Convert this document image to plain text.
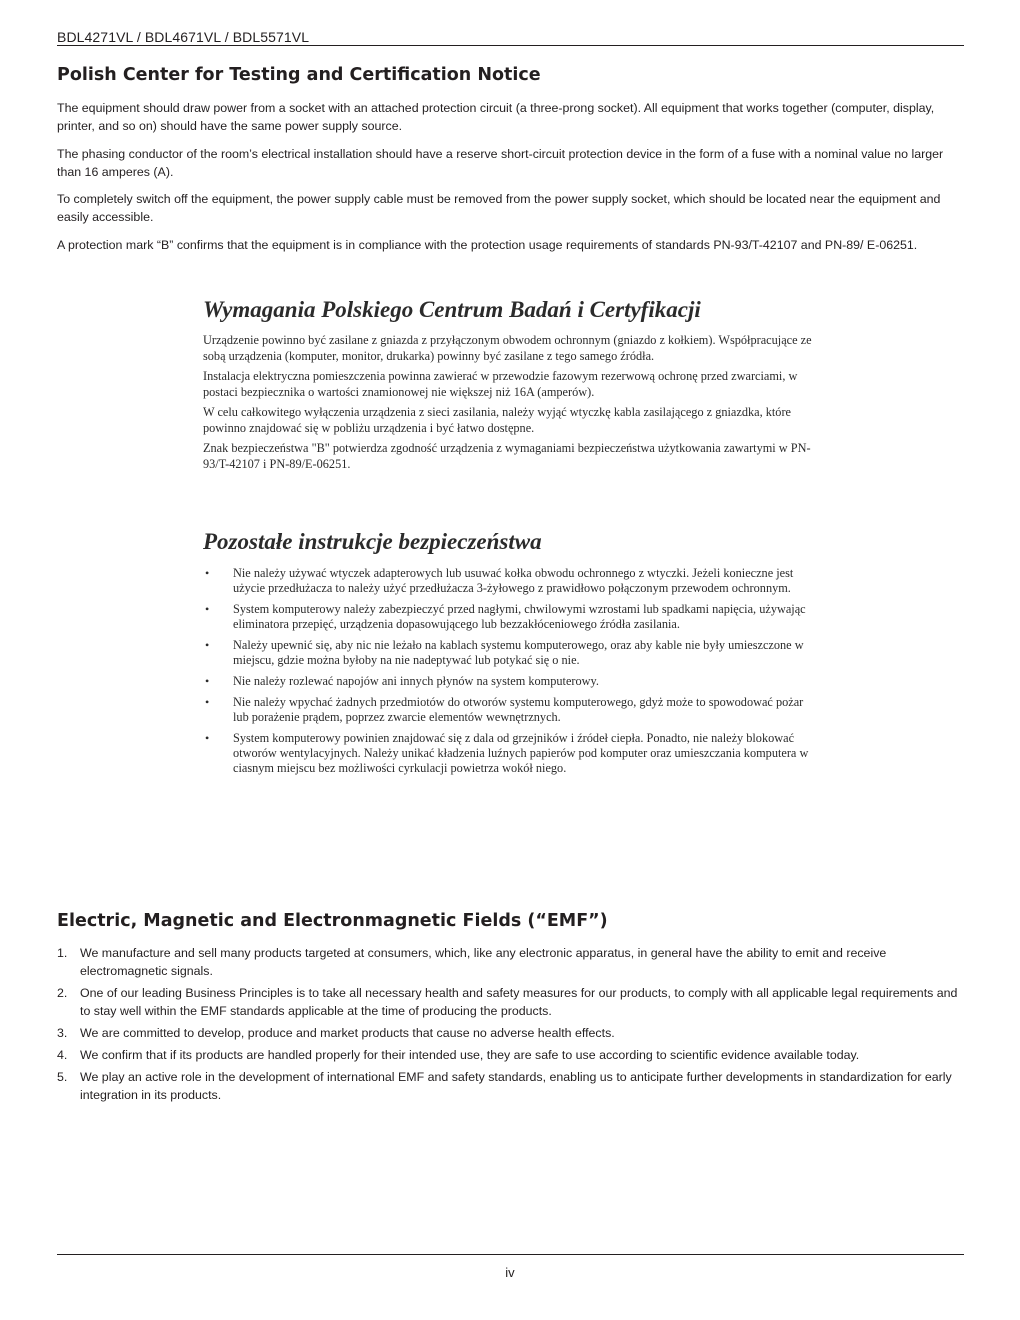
BDL4271VL / BDL4671VL / BDL5571VL
Polish Center for Testing and Certification Notice

The equipment should draw power from a socket with an attached protection circuit (a three-prong socket). All equipment that works together (computer, display, printer, and so on) should have the same power supply source.

The phasing conductor of the room’s electrical installation should have a reserve short-circuit protection device in the form of a fuse with a nominal value no larger than 16 amperes (A).

To completely switch off the equipment, the power supply cable must be removed from the power supply socket, which should be located near the equipment and easily accessible.

A protection mark “B” confirms that the equipment is in compliance with the protection usage requirements of standards PN-93/T-42107 and PN-89/ E-06251.

Wymagania Polskiego Centrum Badań i Certyfikacji

Urządzenie powinno być zasilane z gniazda z przyłączonym obwodem ochronnym (gniazdo z kołkiem). Współpracujące ze sobą urządzenia (komputer, monitor, drukarka) powinny być zasilane z tego samego źródła.

Instalacja elektryczna pomieszczenia powinna zawierać w przewodzie fazowym rezerwową ochronę przed zwarciami, w postaci bezpiecznika o wartości znamionowej nie większej niż 16A (amperów).

W celu całkowitego wyłączenia urządzenia z sieci zasilania, należy wyjąć wtyczkę kabla zasilającego z gniazdka, które powinno znajdować się w pobliżu urządzenia i być łatwo dostępne.

Znak bezpieczeństwa "B" potwierdza zgodność urządzenia z wymaganiami bezpieczeństwa użytkowania zawartymi w PN-93/T-42107 i PN-89/E-06251.

Pozostałe instrukcje bezpieczeństwa
• Nie należy używać wtyczek adapterowych lub usuwać kołka obwodu ochronnego z wtyczki. Jeżeli konieczne jest użycie przedłużacza to należy użyć przedłużacza 3-żyłowego z prawidłowo połączonym przewodem ochronnym.
• System komputerowy należy zabezpieczyć przed nagłymi, chwilowymi wzrostami lub spadkami napięcia, używając eliminatora przepięć, urządzenia dopasowującego lub bezzakłóceniowego źródła zasilania.
• Należy upewnić się, aby nic nie leżało na kablach systemu komputerowego, oraz aby kable nie były umieszczone w miejscu, gdzie można byłoby na nie nadeptywać lub potykać się o nie.
• Nie należy rozlewać napojów ani innych płynów na system komputerowy.
• Nie należy wpychać żadnych przedmiotów do otworów systemu komputerowego, gdyż może to spowodować pożar lub porażenie prądem, poprzez zwarcie elementów wewnętrznych.
• System komputerowy powinien znajdować się z dala od grzejników i źródeł ciepła. Ponadto, nie należy blokować otworów wentylacyjnych. Należy unikać kładzenia luźnych papierów pod komputer oraz umieszczania komputera w ciasnym miejscu bez możliwości cyrkulacji powietrza wokół niego.
Electric, Magnetic and Electronmagnetic Fields (“EMF”)
1. We manufacture and sell many products targeted at consumers, which, like any electronic apparatus, in general have the ability to emit and receive electromagnetic signals.
2. One of our leading Business Principles is to take all necessary health and safety measures for our products, to comply with all applicable legal requirements and to stay well within the EMF standards applicable at the time of producing the products.
3. We are committed to develop, produce and market products that cause no adverse health effects.
4. We confirm that if its products are handled properly for their intended use, they are safe to use according to scientific evidence available today.
5. We play an active role in the development of international EMF and safety standards, enabling us to anticipate further developments in standardization for early integration in its products.
iv
